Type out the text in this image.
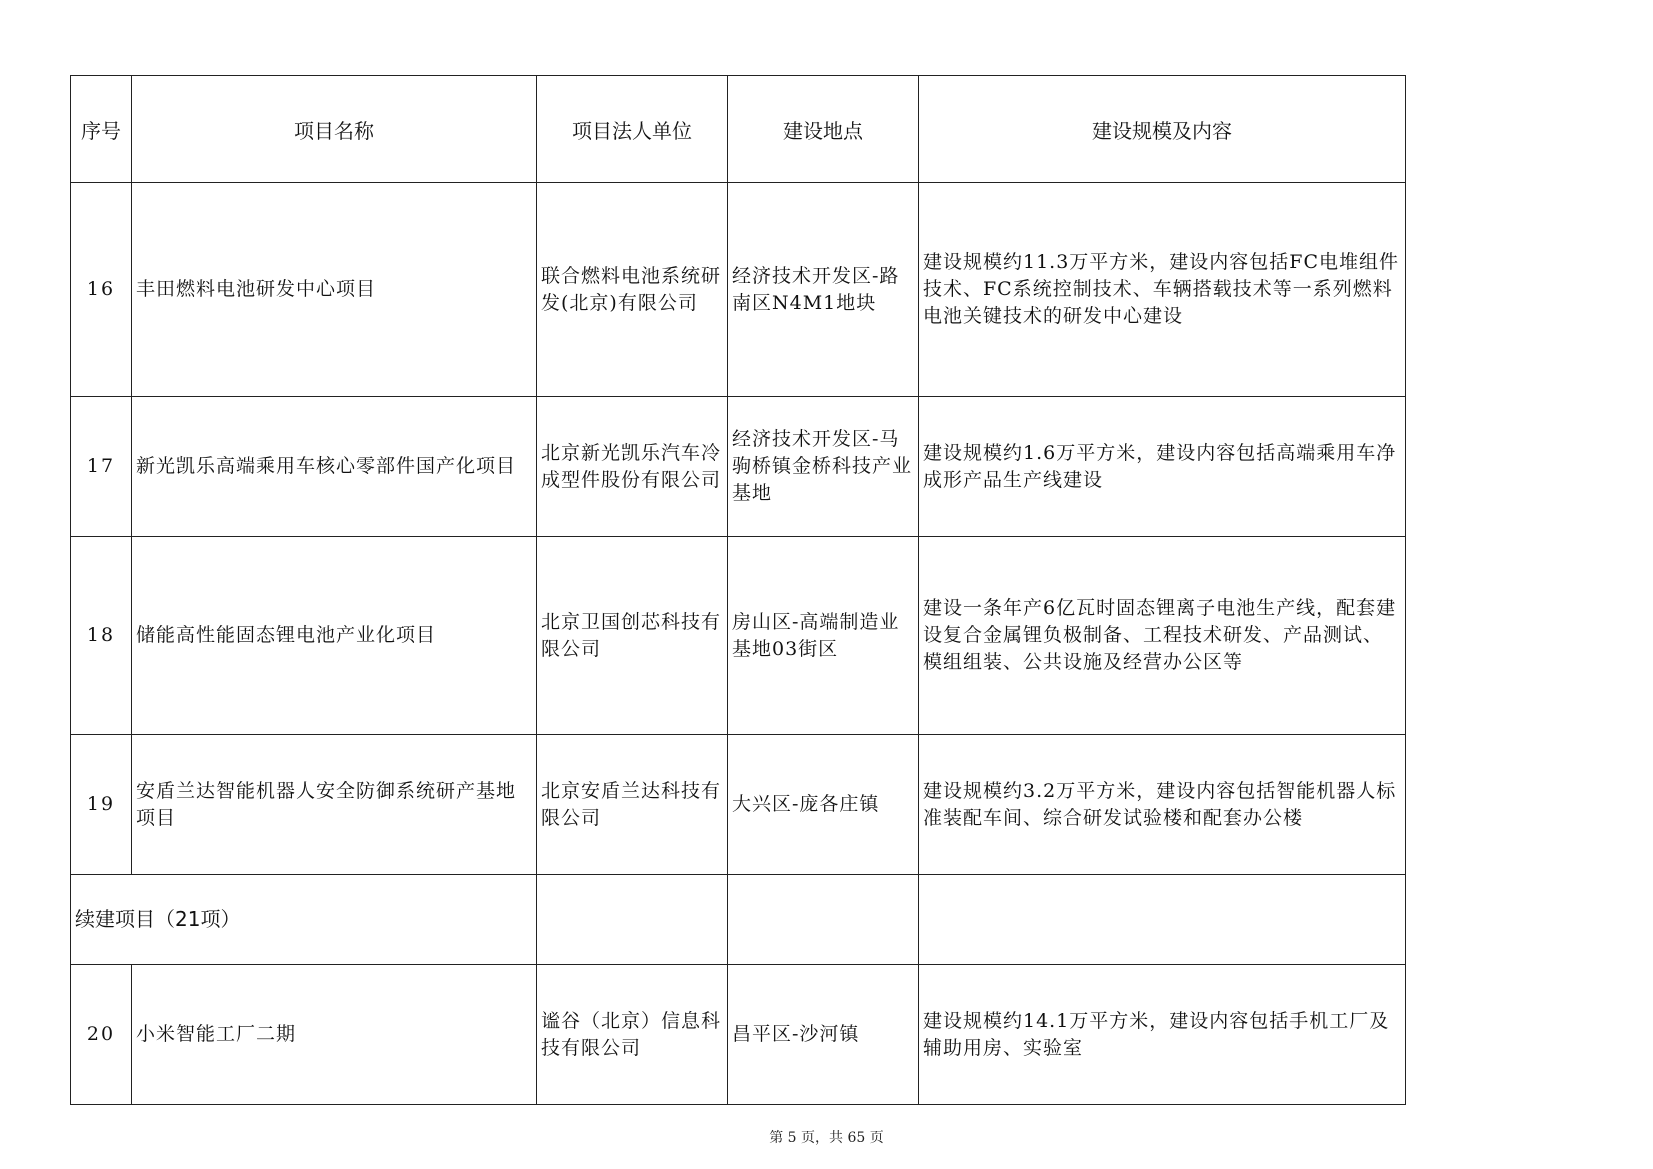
序号	项目名称	项目法人单位	建设地点	建设规模及内容
16	丰田燃料电池研发中心项目	联合燃料电池系统研发(北京)有限公司	经济技术开发区-路南区N4M1地块	建设规模约11.3万平方米，建设内容包括FC电堆组件技术、FC系统控制技术、车辆搭载技术等一系列燃料电池关键技术的研发中心建设
17	新光凯乐高端乘用车核心零部件国产化项目	北京新光凯乐汽车冷成型件股份有限公司	经济技术开发区-马驹桥镇金桥科技产业基地	建设规模约1.6万平方米，建设内容包括高端乘用车净成形产品生产线建设
18	储能高性能固态锂电池产业化项目	北京卫国创芯科技有限公司	房山区-高端制造业基地03街区	建设一条年产6亿瓦时固态锂离子电池生产线，配套建设复合金属锂负极制备、工程技术研发、产品测试、模组组装、公共设施及经营办公区等
19	安盾兰达智能机器人安全防御系统研产基地项目	北京安盾兰达科技有限公司	大兴区-庞各庄镇	建设规模约3.2万平方米，建设内容包括智能机器人标准装配车间、综合研发试验楼和配套办公楼
续建项目（21项）				
20	小米智能工厂二期	谧谷（北京）信息科技有限公司	昌平区-沙河镇	建设规模约14.1万平方米，建设内容包括手机工厂及辅助用房、实验室
第 5 页，共 65 页
